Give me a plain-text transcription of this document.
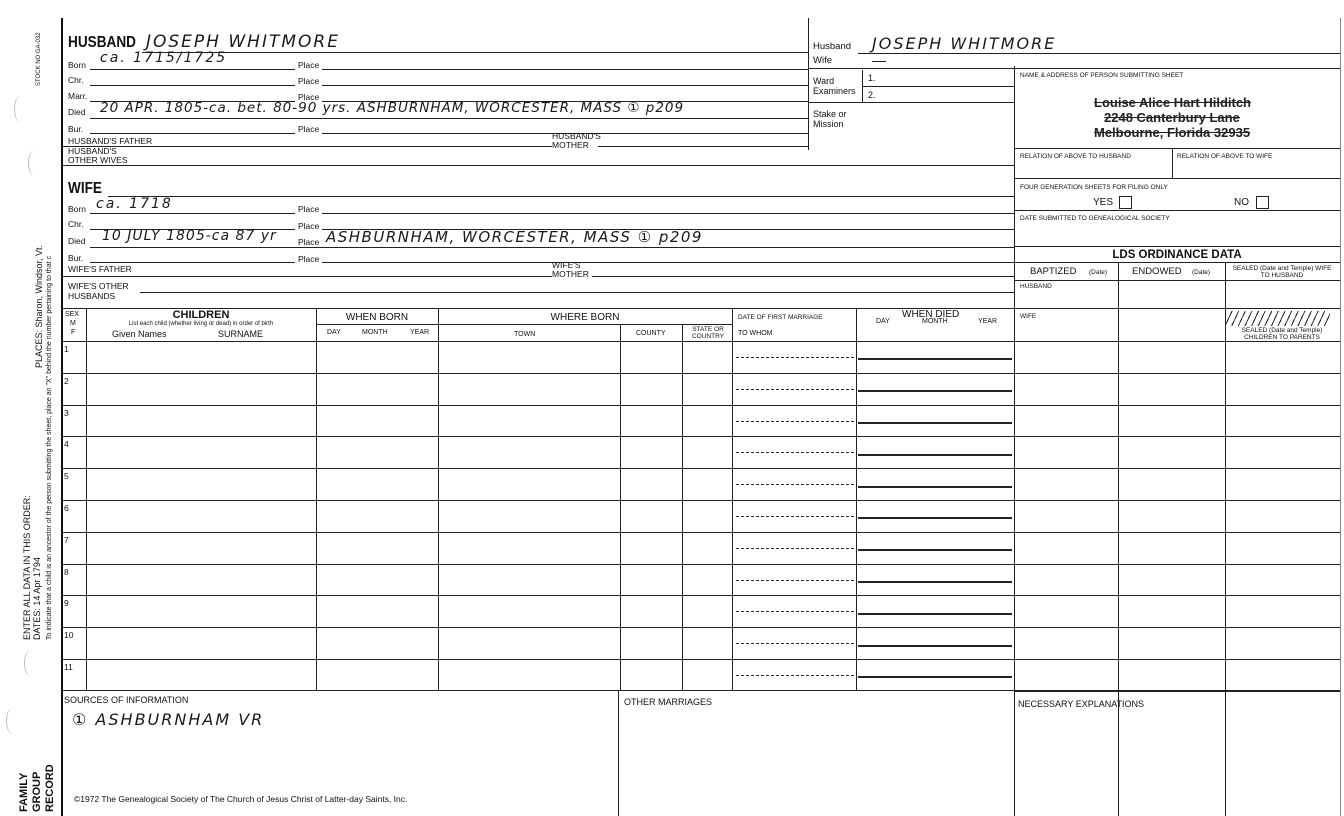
STOCK NO GA-032
PLACES: Sharon, Windsor, Vt.
ENTER ALL DATA IN THIS ORDER: DATES: 14 Apr 1794 To indicate that a child is an ancestor of the person submitting the sheet, place an "X" behind the number pertaining to that c
FAMILY GROUP RECORD
HUSBAND JOSEPH WHITMORE
Born ca. 1715/1725	Place
Chr.	Place
Marr.	Place
Died 20 APR. 1805-ca. bet. 80-90 yrs. ASHBURNHAM, WORCESTER, MASS ① p209
Bur.	Place
HUSBAND'S FATHER	HUSBAND'S MOTHER
HUSBAND'S OTHER WIVES
WIFE
Born ca. 1718	Place
Chr.	Place
Died 10 JULY 1805-ca 87 yr Place ASHBURNHAM, WORCESTER, MASS ① p209
Bur.	Place
WIFE'S FATHER	WIFE'S MOTHER
WIFE'S OTHER HUSBANDS
Husband JOSEPH WHITMORE
Wife
Ward
Examiners
1.
2.
Stake or Mission
NAME & ADDRESS OF PERSON SUBMITTING SHEET
Louise Alice Hart Hilditch
2248 Canterbury Lane
Melbourne, Florida 32935
RELATION OF ABOVE TO HUSBAND	RELATION OF ABOVE TO WIFE
FOUR GENERATION SHEETS FOR FILING ONLY
YES	NO
DATE SUBMITTED TO GENEALOGICAL SOCIETY
LDS ORDINANCE DATA
BAPTIZED (Date)	ENDOWED (Date)
SEALED (Date and Temple) WIFE TO HUSBAND
HUSBAND
WIFE
SEALED (Date and Temple) CHILDREN TO PARENTS
SEX
M
F
CHILDREN
List each child (whether living or dead) in order of birth
Given Names	SURNAME
WHEN BORN
DAY	MONTH	YEAR
WHERE BORN
TOWN	COUNTY
STATE OR COUNTRY
DATE OF FIRST MARRIAGE
TO WHOM
WHEN DIED
DAY	MONTH	YEAR
1
2
3
4
5
6
7
8
9
10
11
SOURCES OF INFORMATION
① ASHBURNHAM VR
OTHER MARRIAGES	NECESSARY EXPLANATIONS
©1972 The Genealogical Society of The Church of Jesus Christ of Latter-day Saints, Inc.
